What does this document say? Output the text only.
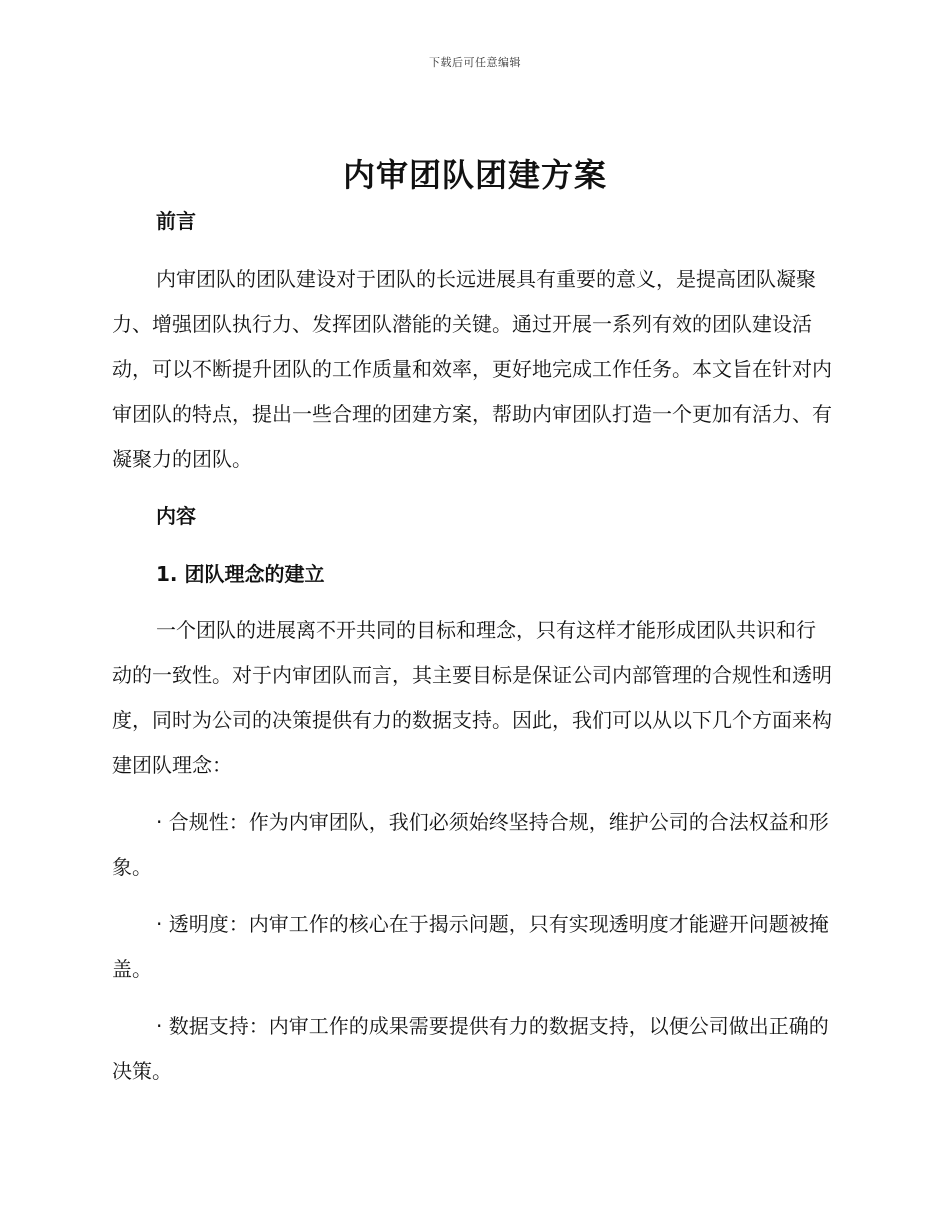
下载后可任意编辑
内审团队团建方案
前言

内审团队的团队建设对于团队的长远进展具有重要的意义，是提高团队凝聚力、增强团队执行力、发挥团队潜能的关键。通过开展一系列有效的团队建设活动，可以不断提升团队的工作质量和效率，更好地完成工作任务。本文旨在针对内审团队的特点，提出一些合理的团建方案，帮助内审团队打造一个更加有活力、有凝聚力的团队。

内容
1. 团队理念的建立

一个团队的进展离不开共同的目标和理念，只有这样才能形成团队共识和行动的一致性。对于内审团队而言，其主要目标是保证公司内部管理的合规性和透明度，同时为公司的决策提供有力的数据支持。因此，我们可以从以下几个方面来构建团队理念：

· 合规性：作为内审团队，我们必须始终坚持合规，维护公司的合法权益和形象。

· 透明度：内审工作的核心在于揭示问题，只有实现透明度才能避开问题被掩盖。

· 数据支持：内审工作的成果需要提供有力的数据支持，以便公司做出正确的决策。
